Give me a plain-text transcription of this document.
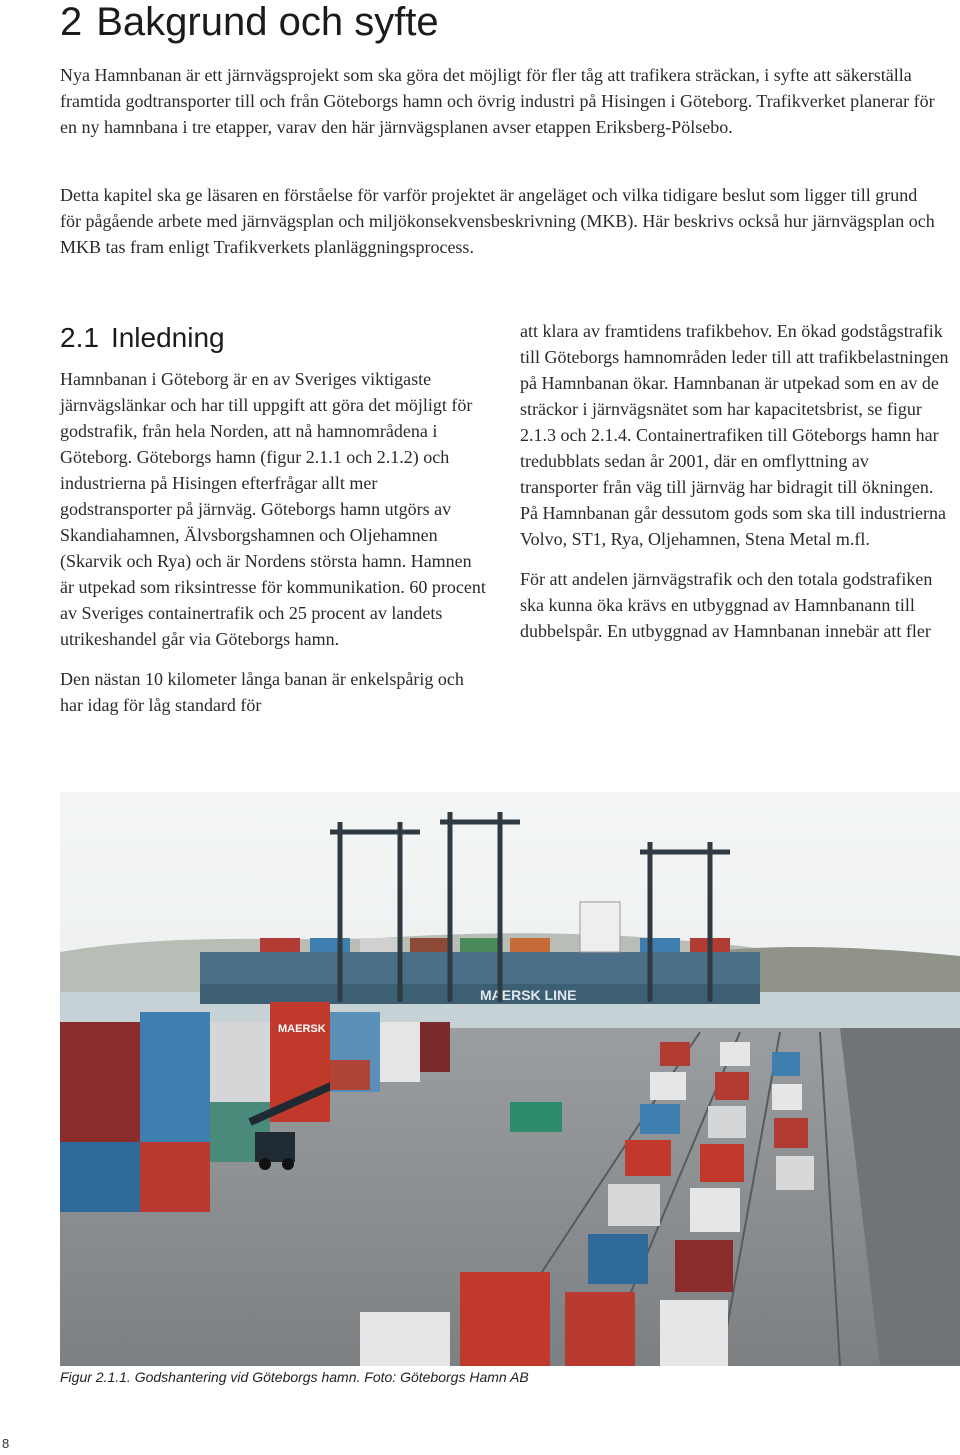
2 Bakgrund och syfte

Nya Hamnbanan är ett järnvägsprojekt som ska göra det möjligt för fler tåg att trafikera sträckan, i syfte att säkerställa framtida godtransporter till och från Göteborgs hamn och övrig industri på Hisingen i Göteborg. Trafikverket planerar för en ny hamnbana i tre etapper, varav den här järnvägsplanen avser etappen Eriksberg-Pölsebo.

Detta kapitel ska ge läsaren en förståelse för varför projektet är angeläget och vilka tidigare beslut som ligger till grund för pågående arbete med järnvägsplan och miljökonsekvensbeskrivning (MKB). Här beskrivs också hur järnvägsplan och MKB tas fram enligt Trafikverkets planläggningsprocess.

2.1 Inledning

Hamnbanan i Göteborg är en av Sveriges viktigaste järnvägslänkar och har till uppgift att göra det möjligt för godstrafik, från hela Norden, att nå hamnområdena i Göteborg. Göteborgs hamn (figur 2.1.1 och 2.1.2) och industrierna på Hisingen efterfrågar allt mer godstransporter på järnväg. Göteborgs hamn utgörs av Skandiahamnen, Älvsborgshamnen och Oljehamnen (Skarvik och Rya) och är Nordens största hamn. Hamnen är utpekad som riksintresse för kommunikation. 60 procent av Sveriges containertrafik och 25 procent av landets utrikeshandel går via Göteborgs hamn.

Den nästan 10 kilometer långa banan är enkelspårig och har idag för låg standard för

att klara av framtidens trafikbehov. En ökad godstågstrafik till Göteborgs hamnområden leder till att trafikbelastningen på Hamnbanan ökar. Hamnbanan är utpekad som en av de sträckor i järnvägsnätet som har kapacitetsbrist, se figur 2.1.3 och 2.1.4. Containertrafiken till Göteborgs hamn har tredubblats sedan år 2001, där en omflyttning av transporter från väg till järnväg har bidragit till ökningen. På Hamnbanan går dessutom gods som ska till industrierna Volvo, ST1, Rya, Oljehamnen, Stena Metal m.fl.

För att andelen järnvägstrafik och den totala godstrafiken ska kunna öka krävs en utbyggnad av Hamnbanann till dubbelspår. En utbyggnad av Hamnbanan innebär att fler

MAERSK LINE
MAERSK

Figur 2.1.1. Godshantering vid Göteborgs hamn. Foto: Göteborgs Hamn AB

8
